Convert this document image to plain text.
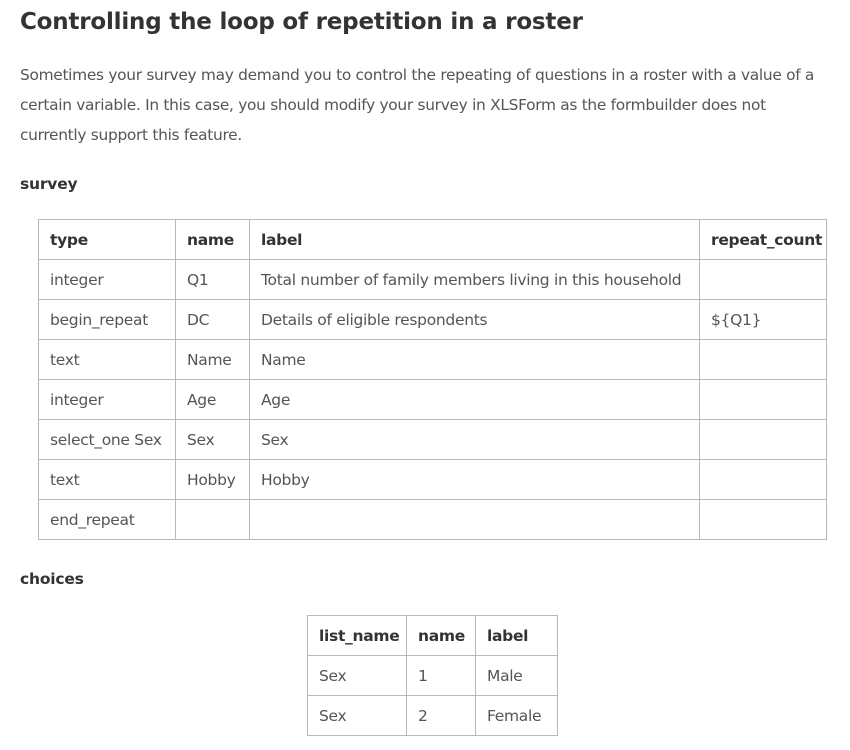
Controlling the loop of repetition in a roster

Sometimes your survey may demand you to control the repeating of questions in a roster with a value of a certain variable. In this case, you should modify your survey in XLSForm as the formbuilder does not currently support this feature.

survey
type	name	label	repeat_count
integer	Q1	Total number of family members living in this household	
begin_repeat	DC	Details of eligible respondents	${Q1}
text	Name	Name	
integer	Age	Age	
select_one Sex	Sex	Sex	
text	Hobby	Hobby	
end_repeat			
choices
list_name	name	label
Sex	1	Male
Sex	2	Female
